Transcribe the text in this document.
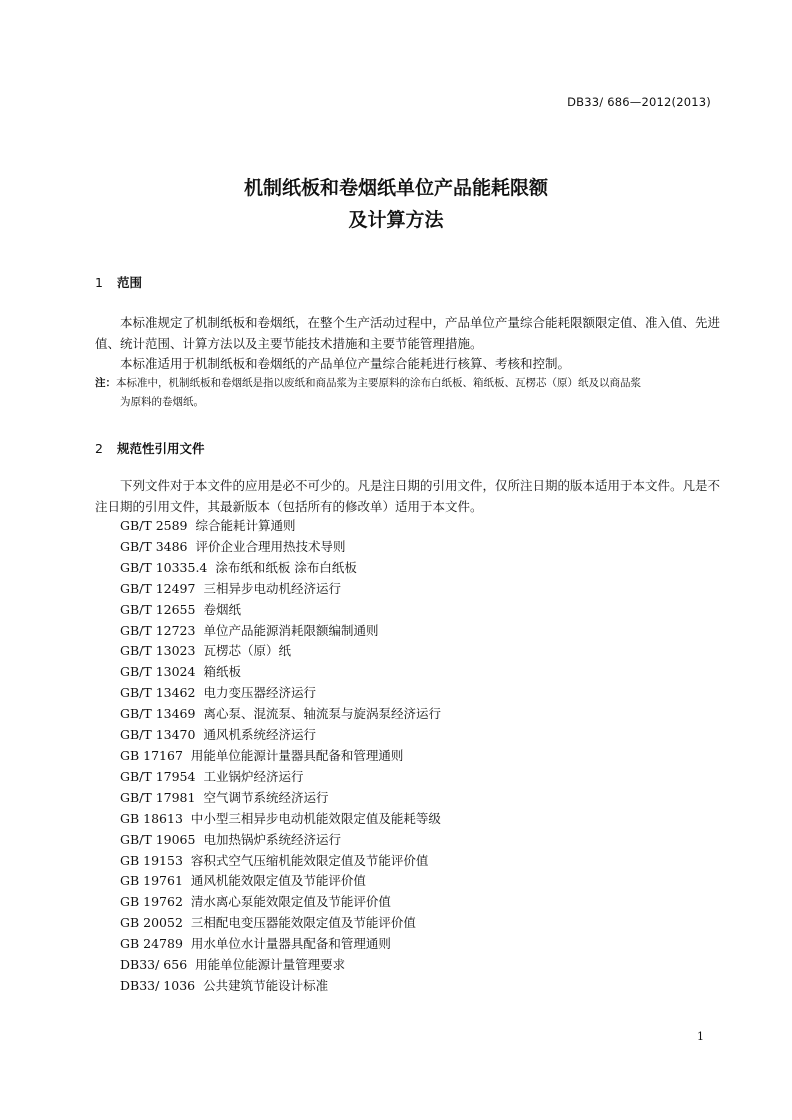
DB33/ 686—2012(2013)
机制纸板和卷烟纸单位产品能耗限额
及计算方法
1 范围
本标准规定了机制纸板和卷烟纸，在整个生产活动过程中，产品单位产量综合能耗限额限定值、准入值、先进值、统计范围、计算方法以及主要节能技术措施和主要节能管理措施。
本标准适用于机制纸板和卷烟纸的产品单位产量综合能耗进行核算、考核和控制。
注：本标准中，机制纸板和卷烟纸是指以废纸和商品浆为主要原料的涂布白纸板、箱纸板、瓦楞芯（原）纸及以商品浆
为原料的卷烟纸。
2 规范性引用文件
下列文件对于本文件的应用是必不可少的。凡是注日期的引用文件，仅所注日期的版本适用于本文件。凡是不注日期的引用文件，其最新版本（包括所有的修改单）适用于本文件。
GB/T 2589 综合能耗计算通则
GB/T 3486 评价企业合理用热技术导则
GB/T 10335.4 涂布纸和纸板 涂布白纸板
GB/T 12497 三相异步电动机经济运行
GB/T 12655 卷烟纸
GB/T 12723 单位产品能源消耗限额编制通则
GB/T 13023 瓦楞芯（原）纸
GB/T 13024 箱纸板
GB/T 13462 电力变压器经济运行
GB/T 13469 离心泵、混流泵、轴流泵与旋涡泵经济运行
GB/T 13470 通风机系统经济运行
GB 17167 用能单位能源计量器具配备和管理通则
GB/T 17954 工业锅炉经济运行
GB/T 17981 空气调节系统经济运行
GB 18613 中小型三相异步电动机能效限定值及能耗等级
GB/T 19065 电加热锅炉系统经济运行
GB 19153 容积式空气压缩机能效限定值及节能评价值
GB 19761 通风机能效限定值及节能评价值
GB 19762 清水离心泵能效限定值及节能评价值
GB 20052 三相配电变压器能效限定值及节能评价值
GB 24789 用水单位水计量器具配备和管理通则
DB33/ 656 用能单位能源计量管理要求
DB33/ 1036 公共建筑节能设计标准
1
